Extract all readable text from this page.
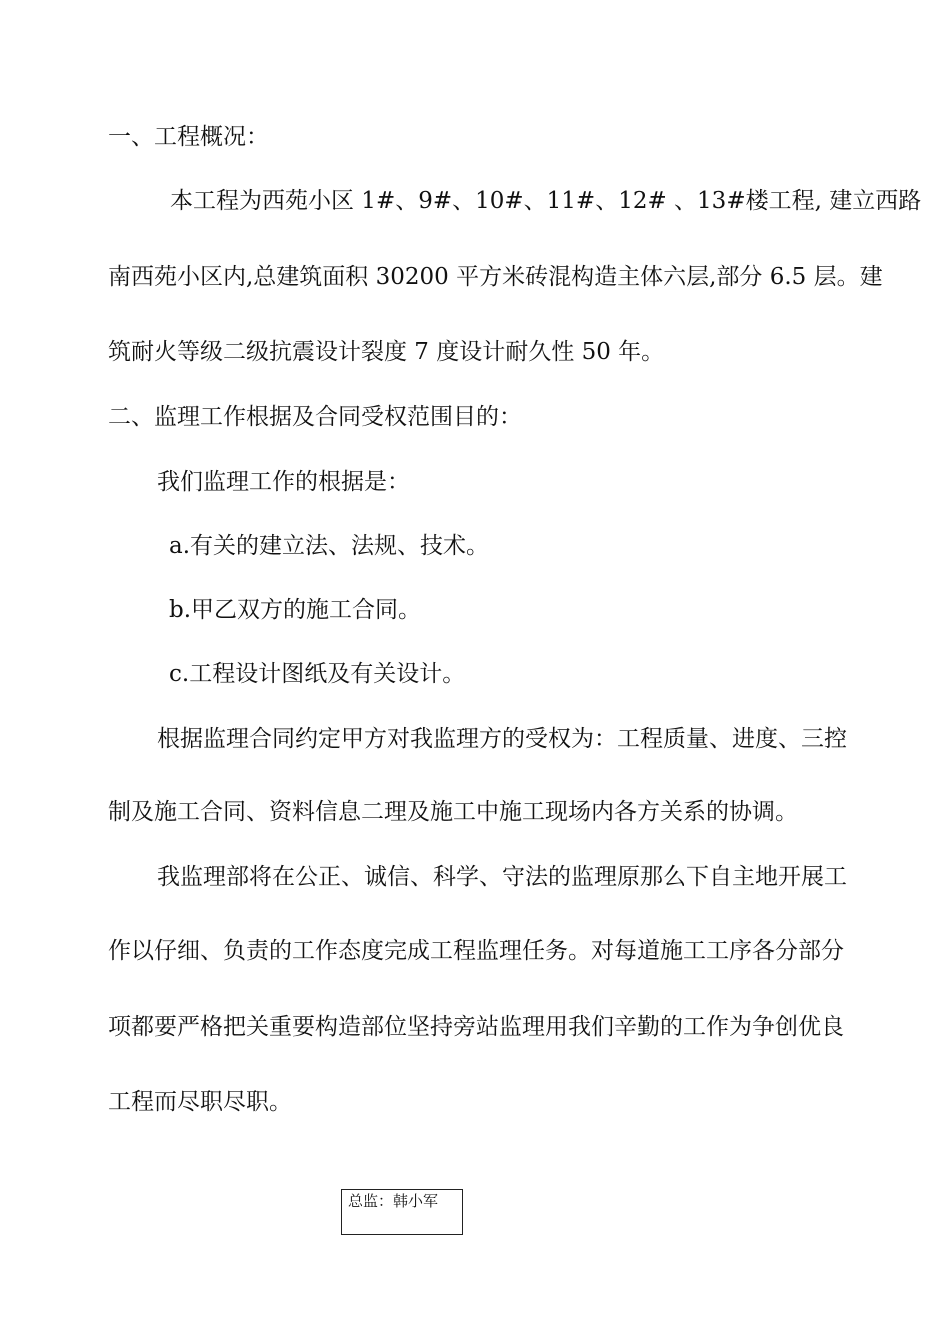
一、工程概况：
本工程为西苑小区 1#、9#、10#、11#、12# 、13#楼工程, 建立西路
南西苑小区内,总建筑面积 30200 平方米砖混构造主体六层,部分 6.5 层。建
筑耐火等级二级抗震设计裂度 7 度设计耐久性 50 年。
二、监理工作根据及合同受权范围目的：
我们监理工作的根据是：
a.有关的建立法、法规、技术。
b.甲乙双方的施工合同。
c.工程设计图纸及有关设计。
根据监理合同约定甲方对我监理方的受权为：工程质量、进度、三控
制及施工合同、资料信息二理及施工中施工现场内各方关系的协调。
我监理部将在公正、诚信、科学、守法的监理原那么下自主地开展工
作以仔细、负责的工作态度完成工程监理任务。对每道施工工序各分部分
项都要严格把关重要构造部位坚持旁站监理用我们辛勤的工作为争创优良
工程而尽职尽职。
总监：韩小军
